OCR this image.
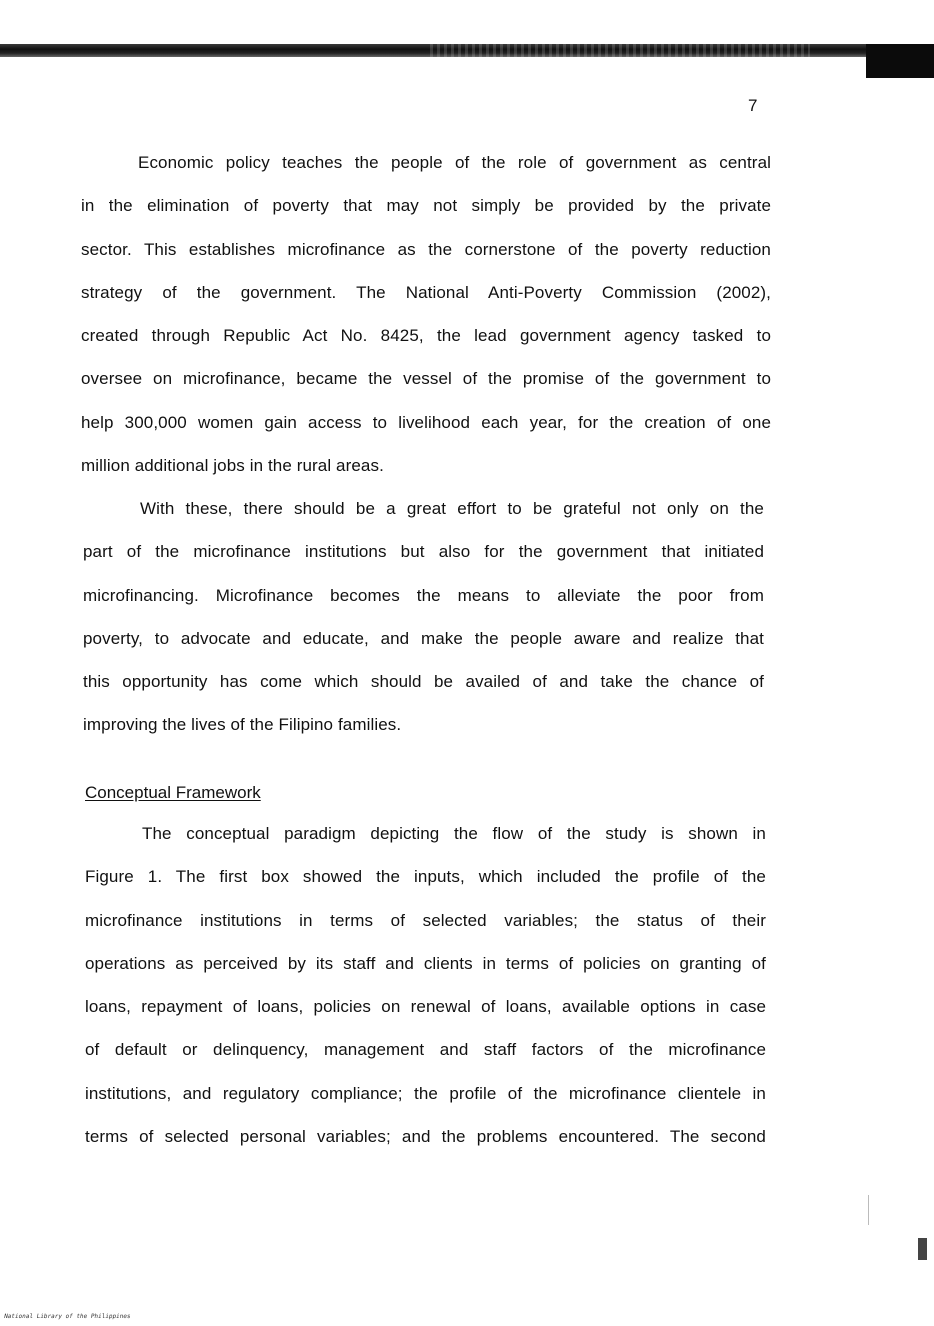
7
Economic policy teaches the people of the role of government as central
in the elimination of poverty that may not simply be provided by the private
sector. This establishes microfinance as the cornerstone of the poverty reduction
strategy of the government. The National Anti-Poverty Commission (2002),
created through Republic Act No. 8425, the lead government agency tasked to
oversee on microfinance, became the vessel of the promise of the government to
help 300,000 women gain access to livelihood each year, for the creation of one
million additional jobs in the rural areas.
With these, there should be a great effort to be grateful not only on the
part of the microfinance institutions but also for the government that initiated
microfinancing. Microfinance becomes the means to alleviate the poor from
poverty, to advocate and educate, and make the people aware and realize that
this opportunity has come which should be availed of and take the chance of
improving the lives of the Filipino families.
Conceptual Framework
The conceptual paradigm depicting the flow of the study is shown in
Figure 1. The first box showed the inputs, which included the profile of the
microfinance institutions in terms of selected variables; the status of their
operations as perceived by its staff and clients in terms of policies on granting of
loans, repayment of loans, policies on renewal of loans, available options in case
of default or delinquency, management and staff factors of the microfinance
institutions, and regulatory compliance; the profile of the microfinance clientele in
terms of selected personal variables; and the problems encountered. The second
National Library of the Philippines
